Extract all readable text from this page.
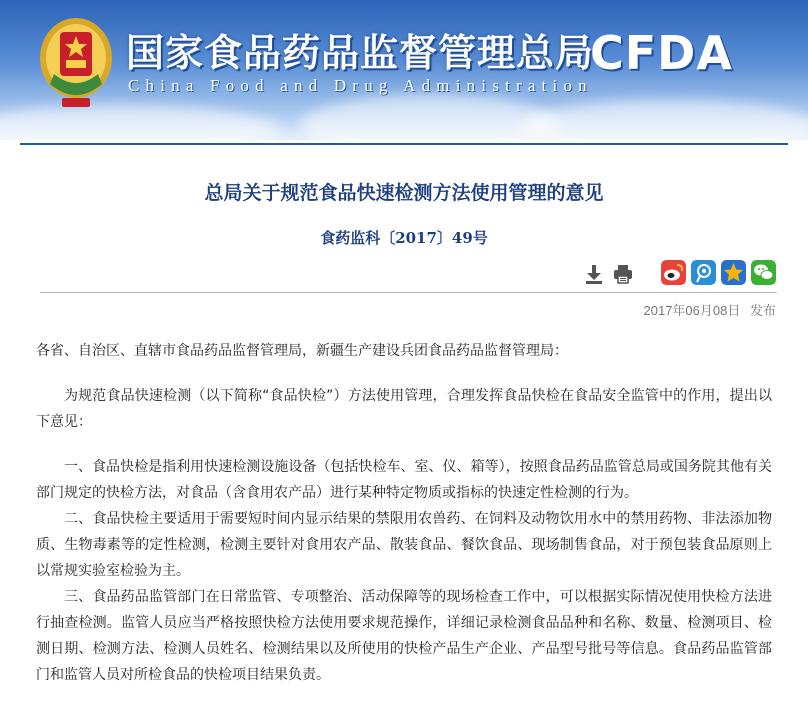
国家食品药品监督管理总局
China Food and Drug Administration
CFDA
总局关于规范食品快速检测方法使用管理的意见
食药监科〔2017〕49号
2017年06月08日 发布

各省、自治区、直辖市食品药品监督管理局，新疆生产建设兵团食品药品监督管理局：

为规范食品快速检测（以下简称“食品快检”）方法使用管理，合理发挥食品快检在食品安全监管中的作用，提出以下意见：

一、食品快检是指利用快速检测设施设备（包括快检车、室、仪、箱等），按照食品药品监管总局或国务院其他有关部门规定的快检方法，对食品（含食用农产品）进行某种特定物质或指标的快速定性检测的行为。

二、食品快检主要适用于需要短时间内显示结果的禁限用农兽药、在饲料及动物饮用水中的禁用药物、非法添加物质、生物毒素等的定性检测，检测主要针对食用农产品、散装食品、餐饮食品、现场制售食品，对于预包装食品原则上以常规实验室检验为主。

三、食品药品监管部门在日常监管、专项整治、活动保障等的现场检查工作中，可以根据实际情况使用快检方法进行抽查检测。监管人员应当严格按照快检方法使用要求规范操作，详细记录检测食品品种和名称、数量、检测项目、检测日期、检测方法、检测人员姓名、检测结果以及所使用的快检产品生产企业、产品型号批号等信息。食品药品监管部门和监管人员对所检食品的快检项目结果负责。
